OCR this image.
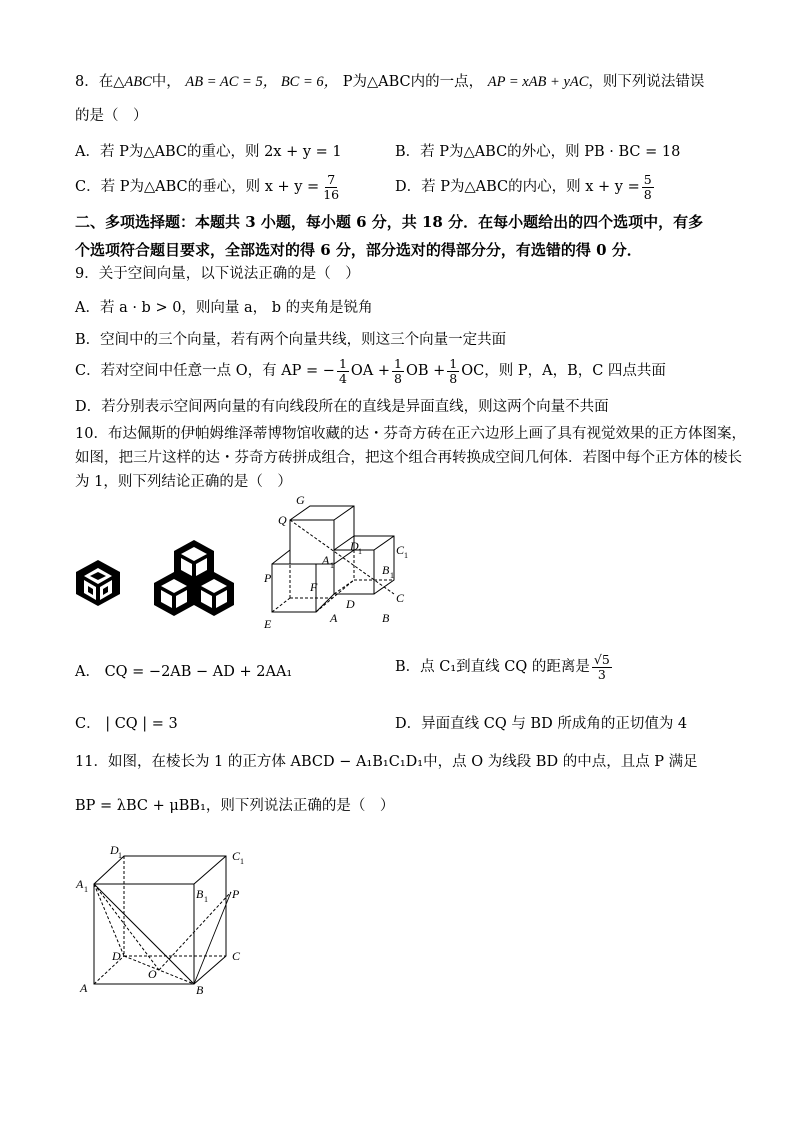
8．在△ABC中， AB = AC = 5， BC = 6， P为△ABC内的一点， AP = xAB + yAC，则下列说法错误
的是（　）
A．若 P为△ABC的重心，则 2x + y = 1	B．若 P为△ABC的外心，则 PB · BC = 18
C．若 P为△ABC的垂心，则 $x + y = \frac{7}{16}$	D．若 P为△ABC的内心，则 $x + y = \frac{5}{8}$
二、多项选择题：本题共 3 小题，每小题 6 分，共 18 分．在每小题给出的四个选项中，有多
个选项符合题目要求，全部选对的得 6 分，部分选对的得部分分，有选错的得 0 分．
9．关于空间向量，以下说法正确的是（　）
A．若 a · b > 0，则向量 a， b 的夹角是锐角
B．空间中的三个向量，若有两个向量共线，则这三个向量一定共面
C．若对空间中任意一点 O，有 AP = − $\frac{1}{4}$ OA + $\frac{1}{8}$ OB + $\frac{1}{8}$ OC，则 P，A，B，C 四点共面
D．若分别表示空间两向量的有向线段所在的直线是异面直线，则这两个向量不共面
10．布达佩斯的伊帕姆维泽蒂博物馆收藏的达・芬奇方砖在正六边形上画了具有视觉效果的正方体图案，
如图，把三片这样的达・芬奇方砖拼成组合，把这个组合再转换成空间几何体．若图中每个正方体的棱长
为 1，则下列结论正确的是（　）
G
Q
D 1	C 1
A 1	B 1
P
F
D	C
E	A	B
A． CQ = −2AB − AD + 2AA₁	B．点 C₁到直线 CQ 的距离是 $\frac{√5}{3}$
C． | CQ | = 3	D．异面直线 CQ 与 BD 所成角的正切值为 4
11．如图，在棱长为 1 的正方体 ABCD − A₁B₁C₁D₁中，点 O 为线段 BD 的中点，且点 P 满足
BP = λBC + μBB₁，则下列说法正确的是（　）
D 1	C 1
A 1	B 1 P
D	C
O
A	B
